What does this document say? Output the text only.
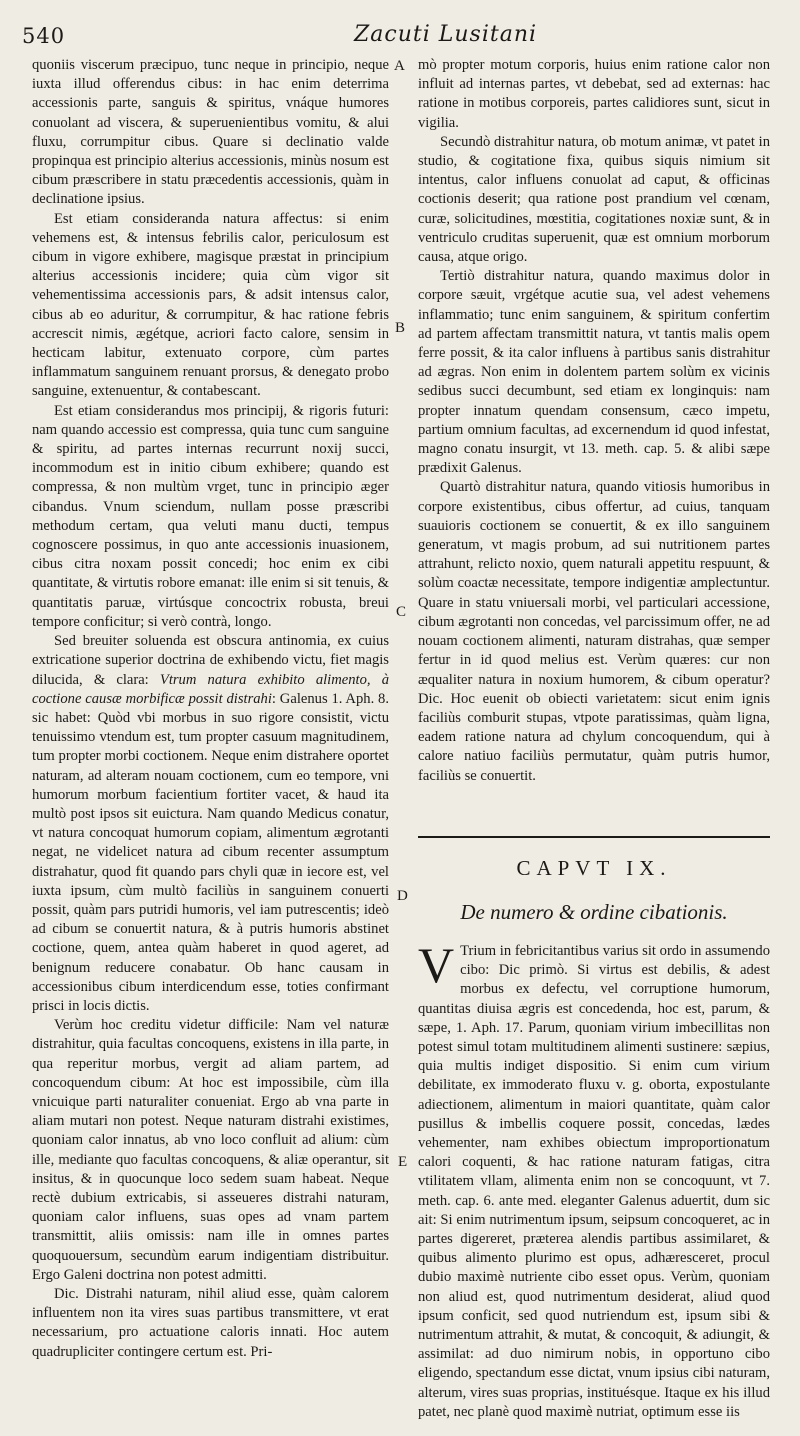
540	Zacuti Lusitani
A
B
C
D
E

quoniis viscerum præcipuo, tunc neque in principio, neque iuxta illud offerendus cibus: in hac enim deterrima accessionis parte, sanguis & spiritus, vnáque humores conuolant ad viscera, & superuenientibus vomitu, & alui fluxu, corrumpitur cibus. Quare si declinatio valde propinqua est principio alterius accessionis, minùs nosum est cibum præscribere in statu præcedentis accessionis, quàm in declinatione ipsius.

Est etiam consideranda natura affectus: si enim vehemens est, & intensus febrilis calor, periculosum est cibum in vigore exhibere, magisque præstat in principium alterius accessionis incidere; quia cùm vigor sit vehementissima accessionis pars, & adsit intensus calor, cibus ab eo aduritur, & corrumpitur, & hac ratione febris accrescit nimis, ægétque, acriori facto calore, sensim in hecticam labitur, extenuato corpore, cùm partes inflammatum sanguinem renuant prorsus, & denegato probo sanguine, extenuentur, & contabescant.

Est etiam considerandus mos principij, & rigoris futuri: nam quando accessio est compressa, quia tunc cum sanguine & spiritu, ad partes internas recurrunt noxij succi, incommodum est in initio cibum exhibere; quando est compressa, & non multùm vrget, tunc in principio æger cibandus. Vnum sciendum, nullam posse præscribi methodum certam, qua veluti manu ducti, tempus cognoscere possimus, in quo ante accessionis inuasionem, cibus citra noxam possit concedi; hoc enim ex cibi quantitate, & virtutis robore emanat: ille enim si sit tenuis, & quantitatis paruæ, virtúsque concoctrix robusta, breui tempore conficitur; si verò contrà, longo.

Sed breuiter soluenda est obscura antinomia, ex cuius extricatione superior doctrina de exhibendo victu, fiet magis dilucida, & clara: Vtrum natura exhibito alimento, à coctione causæ morbificæ possit distrahi: Galenus 1. Aph. 8. sic habet: Quòd vbi morbus in suo rigore consistit, victu tenuissimo vtendum est, tum propter casuum magnitudinem, tum propter morbi coctionem. Neque enim distrahere oportet naturam, ad alteram nouam coctionem, cum eo tempore, vni humorum morbum facientium fortiter vacet, & haud ita multò post ipsos sit euictura. Nam quando Medicus conatur, vt natura concoquat humorum copiam, alimentum ægrotanti negat, ne videlicet natura ad cibum recenter assumptum distrahatur, quod fit quando pars chyli quæ in iecore est, vel iuxta ipsum, cùm multò faciliùs in sanguinem conuerti possit, quàm pars putridi humoris, vel iam putrescentis; ideò ad cibum se conuertit natura, & à putris humoris abstinet coctione, quem, antea quàm haberet in quod ageret, ad benignum reducere conabatur. Ob hanc causam in accessionibus cibum interdicendum esse, toties confirmant prisci in locis dictis.

Verùm hoc creditu videtur difficile: Nam vel naturæ distrahitur, quia facultas concoquens, existens in illa parte, in qua reperitur morbus, vergit ad aliam partem, ad concoquendum cibum: At hoc est impossibile, cùm illa vnicuique parti naturaliter conueniat. Ergo ab vna parte in aliam mutari non potest. Neque naturam distrahi existimes, quoniam calor innatus, ab vno loco confluit ad alium: cùm ille, mediante quo facultas concoquens, & aliæ operantur, sit insitus, & in quocunque loco sedem suam habeat. Neque rectè dubium extricabis, si asseueres distrahi naturam, quoniam calor influens, suas opes ad vnam partem transmittit, aliis omissis: nam ille in omnes partes quoquouersum, secundùm earum indigentiam distribuitur. Ergo Galeni doctrina non potest admitti.

Dic. Distrahi naturam, nihil aliud esse, quàm calorem influentem non ita vires suas partibus transmittere, vt erat necessarium, pro actuatione caloris innati. Hoc autem quadrupliciter contingere certum est. Pri-

mò propter motum corporis, huius enim ratione calor non influit ad internas partes, vt debebat, sed ad externas: hac ratione in motibus corporeis, partes calidiores sunt, sicut in vigilia.

Secundò distrahitur natura, ob motum animæ, vt patet in studio, & cogitatione fixa, quibus siquis nimium sit intentus, calor influens conuolat ad caput, & officinas coctionis deserit; qua ratione post prandium vel cœnam, curæ, solicitudines, mœstitia, cogitationes noxiæ sunt, & in ventriculo cruditas superuenit, quæ est omnium morborum causa, atque origo.

Tertiò distrahitur natura, quando maximus dolor in corpore sæuit, vrgétque acutie sua, vel adest vehemens inflammatio; tunc enim sanguinem, & spiritum confertim ad partem affectam transmittit natura, vt tantis malis opem ferre possit, & ita calor influens à partibus sanis distrahitur ad ægras. Non enim in dolentem partem solùm ex vicinis sedibus succi decumbunt, sed etiam ex longinquis: nam propter innatum quendam consensum, cæco impetu, partium omnium facultas, ad excernendum id quod infestat, magno conatu insurgit, vt 13. meth. cap. 5. & alibi sæpe prædixit Galenus.

Quartò distrahitur natura, quando vitiosis humoribus in corpore existentibus, cibus offertur, ad cuius, tanquam suauioris coctionem se conuertit, & ex illo sanguinem generatum, vt magis probum, ad sui nutritionem partes attrahunt, relicto noxio, quem naturali appetitu respuunt, & solùm coactæ necessitate, tempore indigentiæ amplectuntur. Quare in statu vniuersali morbi, vel particulari accessione, cibum ægrotanti non concedas, vel parcissimum offer, ne ad nouam coctionem alimenti, naturam distrahas, quæ semper fertur in id quod melius est. Verùm quæres: cur non æqualiter natura in noxium humorem, & cibum operatur? Dic. Hoc euenit ob obiecti varietatem: sicut enim ignis faciliùs comburit stupas, vtpote paratissimas, quàm ligna, eadem ratione natura ad chylum concoquendum, qui à calore natiuo faciliùs permutatur, quàm putris humor, faciliùs se conuertit.

CAPVT IX.
De numero & ordine cibationis.

V Trium in febricitantibus varius sit ordo in assumendo cibo: Dic primò. Si virtus est debilis, & adest morbus ex defectu, vel corruptione humorum, quantitas diuisa ægris est concedenda, hoc est, parum, & sæpe, 1. Aph. 17. Parum, quoniam virium imbecillitas non potest simul totam multitudinem alimenti sustinere: sæpius, quia multis indiget dispositio. Si enim cum virium debilitate, ex immoderato fluxu v. g. oborta, expostulante adiectionem, alimentum in maiori quantitate, quàm calor pusillus & imbellis coquere possit, concedas, lædes vehementer, nam exhibes obiectum improportionatum calori coquenti, & hac ratione naturam fatigas, citra vtilitatem vllam, alimenta enim non se concoquunt, vt 7. meth. cap. 6. ante med. eleganter Galenus aduertit, dum sic ait: Si enim nutrimentum ipsum, seipsum concoqueret, ac in partes digereret, præterea alendis partibus assimilaret, & quibus alimento plurimo est opus, adhæresceret, procul dubio maximè nutriente cibo esset opus. Verùm, quoniam non aliud est, quod nutrimentum desiderat, aliud quod ipsum conficit, sed quod nutriendum est, ipsum sibi & nutrimentum attrahit, & mutat, & concoquit, & adiungit, & assimilat: ad duo nimirum nobis, in opportuno cibo eligendo, spectandum esse dictat, vnum ipsius cibi naturam, alterum, vires suas proprias, instituésque. Itaque ex his illud patet, nec planè quod maximè nutriat, optimum esse iis
